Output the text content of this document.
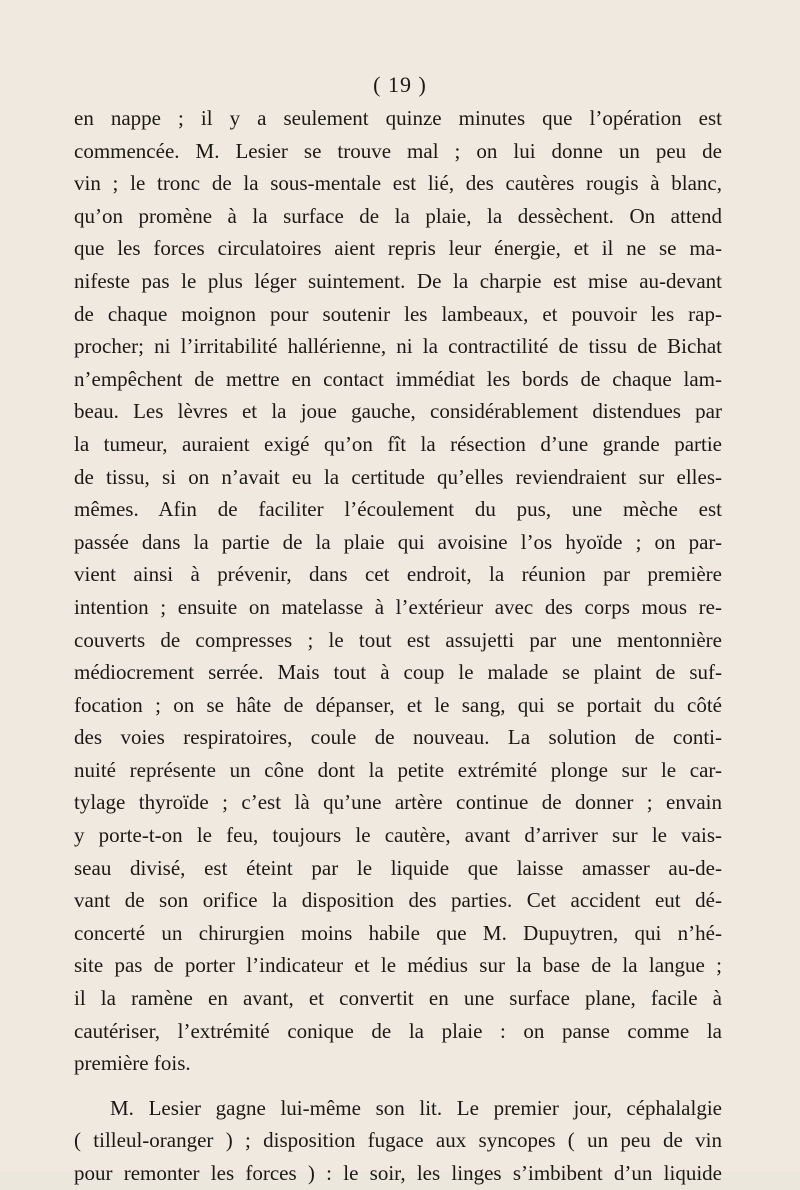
( 19 )
en nappe ; il y a seulement quinze minutes que l’opération est
commencée. M. Lesier se trouve mal ; on lui donne un peu de
vin ; le tronc de la sous-mentale est lié, des cautères rougis à blanc,
qu’on promène à la surface de la plaie, la dessèchent. On attend
que les forces circulatoires aient repris leur énergie, et il ne se ma-
nifeste pas le plus léger suintement. De la charpie est mise au-devant
de chaque moignon pour soutenir les lambeaux, et pouvoir les rap-
procher; ni l’irritabilité hallérienne, ni la contractilité de tissu de Bichat
n’empêchent de mettre en contact immédiat les bords de chaque lam-
beau. Les lèvres et la joue gauche, considérablement distendues par
la tumeur, auraient exigé qu’on fît la résection d’une grande partie
de tissu, si on n’avait eu la certitude qu’elles reviendraient sur elles-
mêmes. Afin de faciliter l’écoulement du pus, une mèche est
passée dans la partie de la plaie qui avoisine l’os hyoïde ; on par-
vient ainsi à prévenir, dans cet endroit, la réunion par première
intention ; ensuite on matelasse à l’extérieur avec des corps mous re-
couverts de compresses ; le tout est assujetti par une mentonnière
médiocrement serrée. Mais tout à coup le malade se plaint de suf-
focation ; on se hâte de dépanser, et le sang, qui se portait du côté
des voies respiratoires, coule de nouveau. La solution de conti-
nuité représente un cône dont la petite extrémité plonge sur le car-
tylage thyroïde ; c’est là qu’une artère continue de donner ; envain
y porte-t-on le feu, toujours le cautère, avant d’arriver sur le vais-
seau divisé, est éteint par le liquide que laisse amasser au-de-
vant de son orifice la disposition des parties. Cet accident eut dé-
concerté un chirurgien moins habile que M. Dupuytren, qui n’hé-
site pas de porter l’indicateur et le médius sur la base de la langue ;
il la ramène en avant, et convertit en une surface plane, facile à
cautériser, l’extrémité conique de la plaie : on panse comme la
première fois.
M. Lesier gagne lui-même son lit. Le premier jour, céphalalgie
( tilleul-oranger ) ; disposition fugace aux syncopes ( un peu de vin
pour remonter les forces ) : le soir, les linges s’imbibent d’un liquide
